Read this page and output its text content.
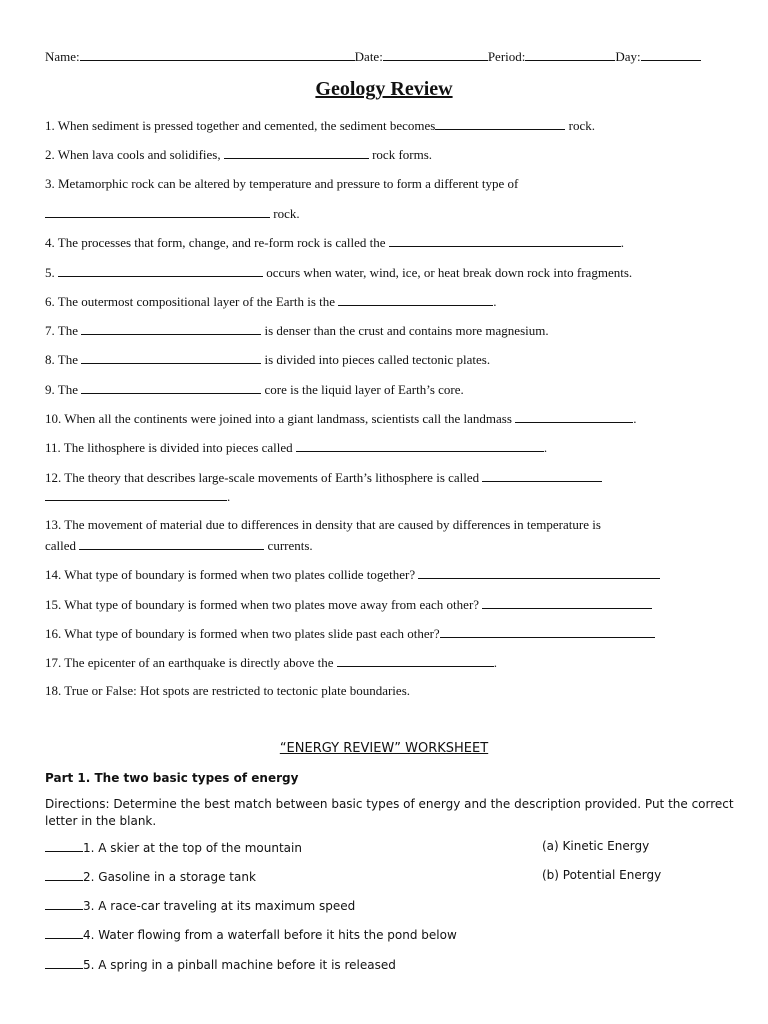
Name:	Date:	Period:	Day:
Geology Review
1. When sediment is pressed together and cemented, the sediment becomes	rock.
2. When lava cools and solidifies,	rock forms.
3. Metamorphic rock can be altered by temperature and pressure to form a different type of
rock.
4. The processes that form, change, and re-form rock is called the	.
5.	occurs when water, wind, ice, or heat break down rock into fragments.
6. The outermost compositional layer of the Earth is the	.
7. The	is denser than the crust and contains more magnesium.
8. The	is divided into pieces called tectonic plates.
9. The	core is the liquid layer of Earth’s core.
10. When all the continents were joined into a giant landmass, scientists call the landmass	.
11. The lithosphere is divided into pieces called	.
12. The theory that describes large-scale movements of Earth’s lithosphere is called
.
13. The movement of material due to differences in density that are caused by differences in temperature is
called	currents.
14. What type of boundary is formed when two plates collide together?
15. What type of boundary is formed when two plates move away from each other?
16. What type of boundary is formed when two plates slide past each other?
17. The epicenter of an earthquake is directly above the	.
18. True or False: Hot spots are restricted to tectonic plate boundaries.
“ENERGY REVIEW” WORKSHEET
Part 1. The two basic types of energy
Directions: Determine the best match between basic types of energy and the description provided. Put the correct letter in the blank.
1. A skier at the top of the mountain
2. Gasoline in a storage tank
3. A race-car traveling at its maximum speed
4. Water flowing from a waterfall before it hits the pond below
5. A spring in a pinball machine before it is released
(a) Kinetic Energy
(b) Potential Energy
